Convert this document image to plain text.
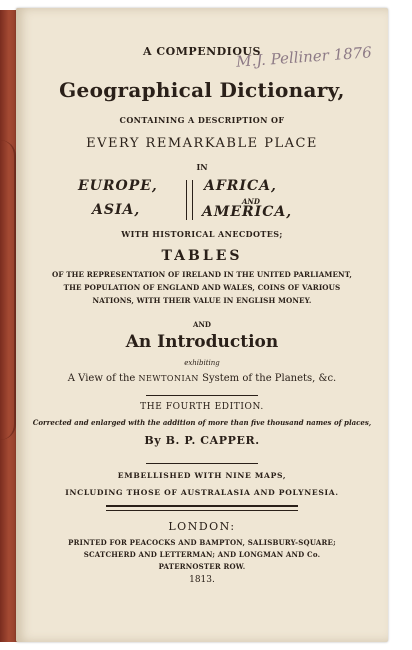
M.J. Pelliner 1876
A COMPENDIOUS
Geographical Dictionary,
CONTAINING A DESCRIPTION OF
EVERY REMARKABLE PLACE
IN
EUROPE,
ASIA,
AFRICA,
AND
AMERICA,
WITH HISTORICAL ANECDOTES;
TABLES
OF THE REPRESENTATION OF IRELAND IN THE UNITED PARLIAMENT,
THE POPULATION OF ENGLAND AND WALES, COINS OF VARIOUS
NATIONS, WITH THEIR VALUE IN ENGLISH MONEY.
AND
An Introduction
exhibiting
A View of the NEWTONIAN System of the Planets, &c.
THE FOURTH EDITION.
Corrected and enlarged with the addition of more than five thousand names of places,
By B. P. CAPPER.
EMBELLISHED WITH NINE MAPS,
INCLUDING THOSE OF AUSTRALASIA AND POLYNESIA.
LONDON:
PRINTED FOR PEACOCKS AND BAMPTON, SALISBURY-SQUARE;
SCATCHERD AND LETTERMAN; AND LONGMAN AND Co.
PATERNOSTER ROW.
1813.
